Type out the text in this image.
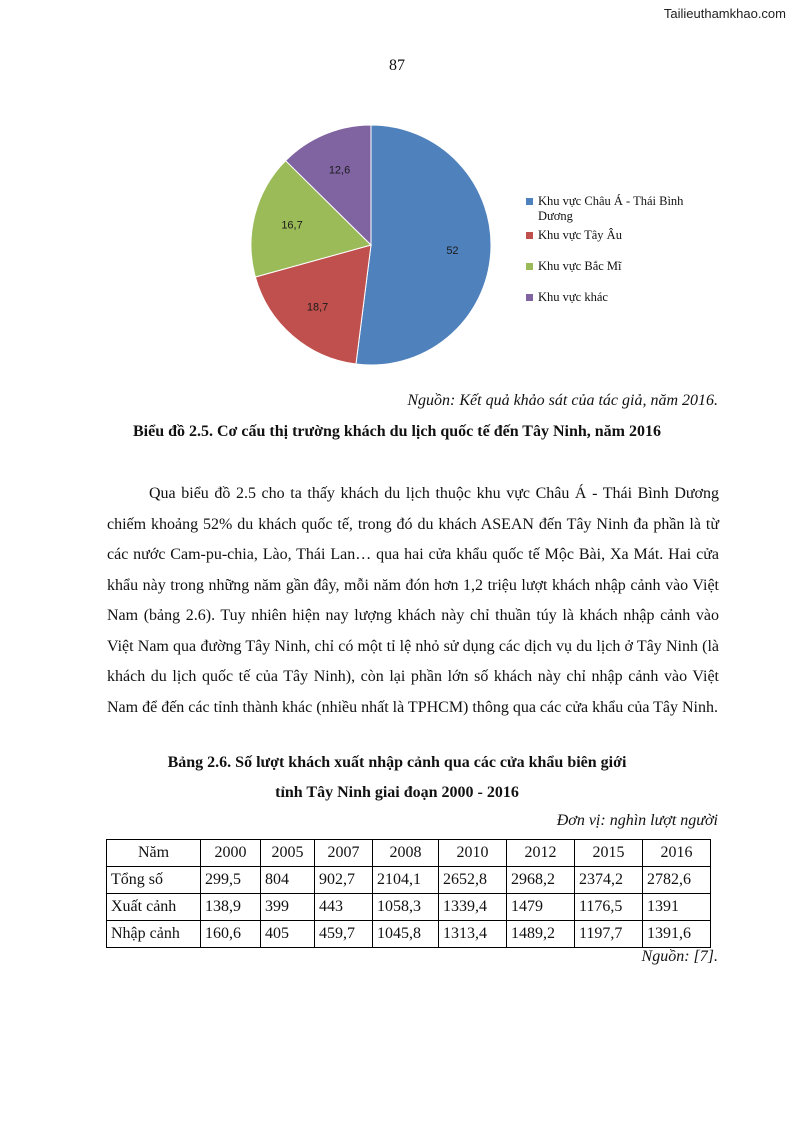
Tailieuthamkhao.com
87
52
18,7
16,7
12,6
Khu vực Châu Á - Thái Bình Dương
Khu vực Tây Âu
Khu vực Bắc Mĩ
Khu vực khác
Nguồn: Kết quả khảo sát của tác giả, năm 2016.
Biểu đồ 2.5. Cơ cấu thị trường khách du lịch quốc tế đến Tây Ninh, năm 2016

Qua biểu đồ 2.5 cho ta thấy khách du lịch thuộc khu vực Châu Á - Thái Bình Dương chiếm khoảng 52% du khách quốc tế, trong đó du khách ASEAN đến Tây Ninh đa phần là từ các nước Cam-pu-chia, Lào, Thái Lan… qua hai cửa khẩu quốc tế Mộc Bài, Xa Mát. Hai cửa khẩu này trong những năm gần đây, mỗi năm đón hơn 1,2 triệu lượt khách nhập cảnh vào Việt Nam (bảng 2.6). Tuy nhiên hiện nay lượng khách này chỉ thuần túy là khách nhập cảnh vào Việt Nam qua đường Tây Ninh, chỉ có một tỉ lệ nhỏ sử dụng các dịch vụ du lịch ở Tây Ninh (là khách du lịch quốc tế của Tây Ninh), còn lại phần lớn số khách này chỉ nhập cảnh vào Việt Nam để đến các tỉnh thành khác (nhiều nhất là TPHCM) thông qua các cửa khẩu của Tây Ninh.

Bảng 2.6. Số lượt khách xuất nhập cảnh qua các cửa khẩu biên giới
tỉnh Tây Ninh giai đoạn 2000 - 2016
Đơn vị: nghìn lượt người
Năm	2000	2005	2007	2008	2010	2012	2015	2016
Tổng số	299,5	804	902,7	2104,1	2652,8	2968,2	2374,2	2782,6
Xuất cảnh	138,9	399	443	1058,3	1339,4	1479	1176,5	1391
Nhập cảnh	160,6	405	459,7	1045,8	1313,4	1489,2	1197,7	1391,6
Nguồn: [7].
